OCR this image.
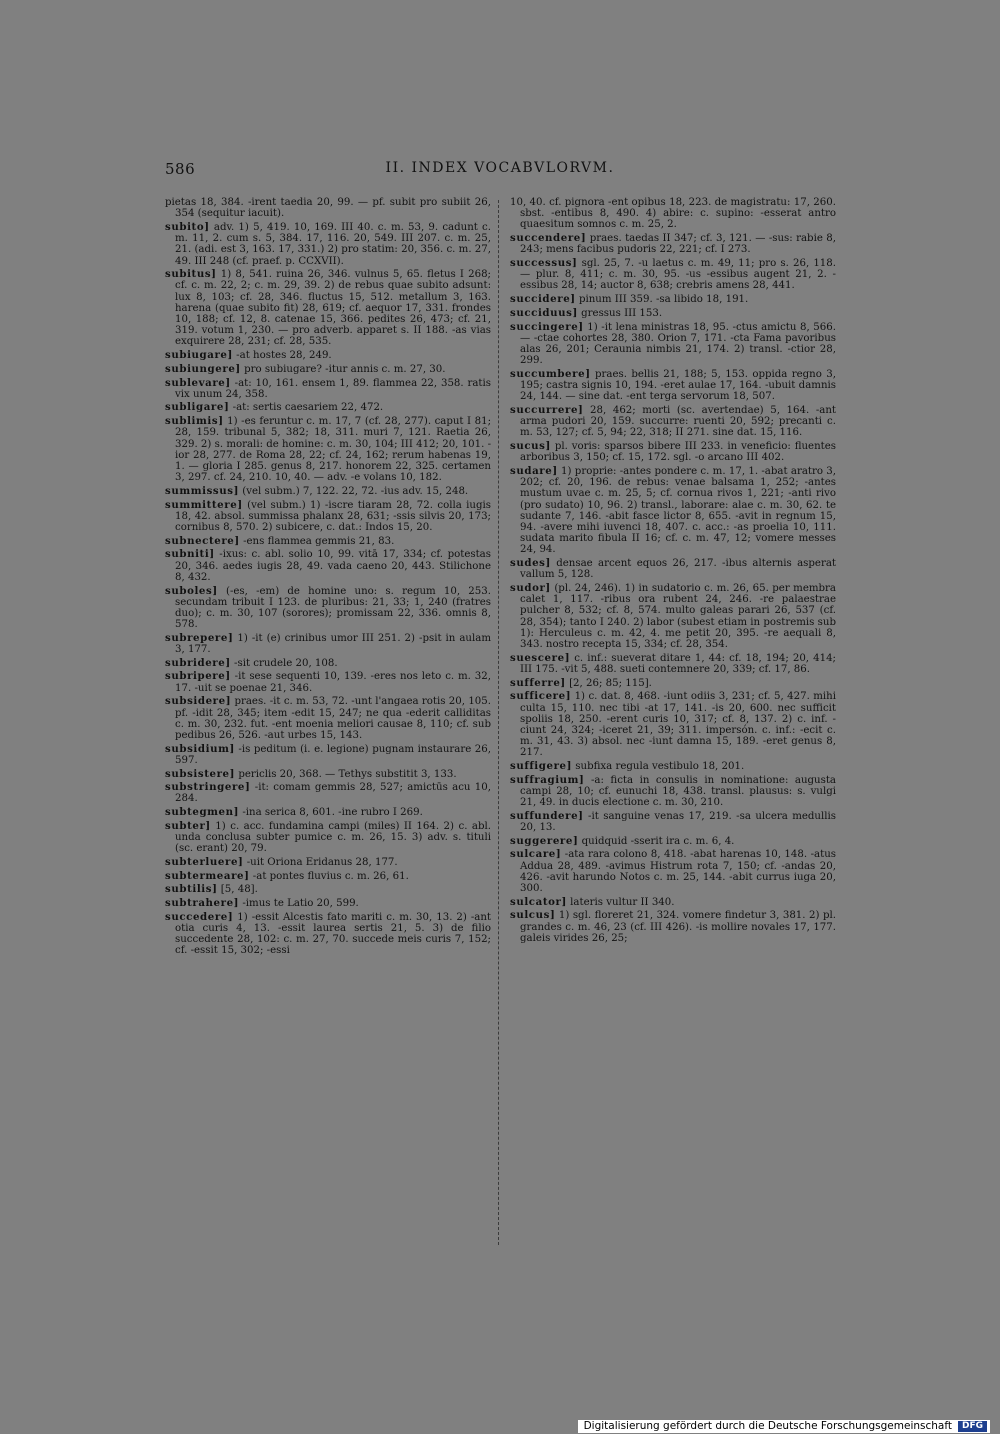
586	II. INDEX VOCABVLORVM.
pietas 18, 384. -irent taedia 20, 99. — pf. subit pro subiit 26, 354 (sequitur iacuit).
subito] adv. 1) 5, 419. 10, 169. III 40. c. m. 53, 9. cadunt c. m. 11, 2. cum s. 5, 384. 17, 116. 20, 549. III 207. c. m. 25, 21. (adi. est 3, 163. 17, 331.) 2) pro statim: 20, 356. c. m. 27, 49. III 248 (cf. praef. p. CCXVII).
subitus] 1) 8, 541. ruina 26, 346. vulnus 5, 65. fletus I 268; cf. c. m. 22, 2; c. m. 29, 39. 2) de rebus quae subito adsunt: lux 8, 103; cf. 28, 346. fluctus 15, 512. metallum 3, 163. harena (quae subito fit) 28, 619; cf. aequor 17, 331. frondes 10, 188; cf. 12, 8. catenae 15, 366. pedites 26, 473; cf. 21, 319. votum 1, 230. — pro adverb. apparet s. II 188. -as vias exquirere 28, 231; cf. 28, 535.
subiugare] -at hostes 28, 249.
subiungere] pro subiugare? -itur annis c. m. 27, 30.
sublevare] -at: 10, 161. ensem 1, 89. flammea 22, 358. ratis vix unum 24, 358.
subligare] -at: sertis caesariem 22, 472.
sublimis] 1) -es feruntur c. m. 17, 7 (cf. 28, 277). caput I 81; 28, 159. tribunal 5, 382; 18, 311. muri 7, 121. Raetia 26, 329. 2) s. morali: de homine: c. m. 30, 104; III 412; 20, 101. -ior 28, 277. de Roma 28, 22; cf. 24, 162; rerum habenas 19, 1. — gloria I 285. genus 8, 217. honorem 22, 325. certamen 3, 297. cf. 24, 210. 10, 40. — adv. -e volans 10, 182.
summissus] (vel subm.) 7, 122. 22, 72. -ius adv. 15, 248.
summittere] (vel subm.) 1) -iscre tiaram 28, 72. colla iugis 18, 42. absol. summissa phalanx 28, 631; -ssis silvis 20, 173; cornibus 8, 570. 2) subicere, c. dat.: Indos 15, 20.
subnectere] -ens flammea gemmis 21, 83.
subniti] -ixus: c. abl. solio 10, 99. vitā 17, 334; cf. potestas 20, 346. aedes iugis 28, 49. vada caeno 20, 443. Stilichone 8, 432.
suboles] (-es, -em) de homine uno: s. regum 10, 253. secundam tribuit I 123. de pluribus: 21, 33; 1, 240 (fratres duo); c. m. 30, 107 (sorores); promissam 22, 336. omnis 8, 578.
subrepere] 1) -it (e) crinibus umor III 251. 2) -psit in aulam 3, 177.
subridere] -sit crudele 20, 108.
subripere] -it sese sequenti 10, 139. -eres nos leto c. m. 32, 17. -uit se poenae 21, 346.
subsidere] praes. -it c. m. 53, 72. -unt l'angaea rotis 20, 105. pf. -idit 28, 345; item -edit 15, 247; ne qua -ederit calliditas c. m. 30, 232. fut. -ent moenia meliori causae 8, 110; cf. sub pedibus 26, 526. -aut urbes 15, 143.
subsidium] -is peditum (i. e. legione) pugnam instaurare 26, 597.
subsistere] periclis 20, 368. — Tethys substitit 3, 133.
substringere] -it: comam gemmis 28, 527; amictūs acu 10, 284.
subtegmen] -ina serica 8, 601. -ine rubro I 269.
subter] 1) c. acc. fundamina campi (miles) II 164. 2) c. abl. unda conclusa subter pumice c. m. 26, 15. 3) adv. s. tituli (sc. erant) 20, 79.
subterluere] -uit Oriona Eridanus 28, 177.
subtermeare] -at pontes fluvius c. m. 26, 61.
subtilis] [5, 48].
subtrahere] -imus te Latio 20, 599.
succedere] 1) -essit Alcestis fato mariti c. m. 30, 13. 2) -ant otia curis 4, 13. -essit laurea sertis 21, 5. 3) de filio succedente 28, 102: c. m. 27, 70. succede meis curis 7, 152; cf. -essit 15, 302; -essi
10, 40. cf. pignora -ent opibus 18, 223. de magistratu: 17, 260. sbst. -entibus 8, 490. 4) abire: c. supino: -esserat antro quaesitum somnos c. m. 25, 2.
succendere] praes. taedas II 347; cf. 3, 121. — -sus: rabie 8, 243; mens facibus pudoris 22, 221; cf. I 273.
successus] sgl. 25, 7. -u laetus c. m. 49, 11; pro s. 26, 118. — plur. 8, 411; c. m. 30, 95. -us -essibus augent 21, 2. -essibus 28, 14; auctor 8, 638; crebris amens 28, 441.
succidere] pinum III 359. -sa libido 18, 191.
succiduus] gressus III 153.
succingere] 1) -it lena ministras 18, 95. -ctus amictu 8, 566. — -ctae cohortes 28, 380. Orion 7, 171. -cta Fama pavoribus alas 26, 201; Ceraunia nimbis 21, 174. 2) transl. -ctior 28, 299.
succumbere] praes. bellis 21, 188; 5, 153. oppida regno 3, 195; castra signis 10, 194. -eret aulae 17, 164. -ubuit damnis 24, 144. — sine dat. -ent terga servorum 18, 507.
succurrere] 28, 462; morti (sc. avertendae) 5, 164. -ant arma pudori 20, 159. succurre: ruenti 20, 592; precanti c. m. 53, 127; cf. 5, 94; 22, 318; II 271. sine dat. 15, 116.
sucus] pl. voris: sparsos bibere III 233. in veneficio: fluentes arboribus 3, 150; cf. 15, 172. sgl. -o arcano III 402.
sudare] 1) proprie: -antes pondere c. m. 17, 1. -abat aratro 3, 202; cf. 20, 196. de rebus: venae balsama 1, 252; -antes mustum uvae c. m. 25, 5; cf. cornua rivos 1, 221; -anti rivo (pro sudato) 10, 96. 2) transl., laborare: alae c. m. 30, 62. te sudante 7, 146. -abit fasce lictor 8, 655. -avit in regnum 15, 94. -avere mihi iuvenci 18, 407. c. acc.: -as proelia 10, 111. sudata marito fibula II 16; cf. c. m. 47, 12; vomere messes 24, 94.
sudes] densae arcent equos 26, 217. -ibus alternis asperat vallum 5, 128.
sudor] (pl. 24, 246). 1) in sudatorio c. m. 26, 65. per membra calet 1, 117. -ribus ora rubent 24, 246. -re palaestrae pulcher 8, 532; cf. 8, 574. multo galeas parari 26, 537 (cf. 28, 354); tanto I 240. 2) labor (subest etiam in postremis sub 1): Herculeus c. m. 42, 4. me petit 20, 395. -re aequali 8, 343. nostro recepta 15, 334; cf. 28, 354.
suescere] c. inf.: sueverat ditare 1, 44: cf. 18, 194; 20, 414; III 175. -vit 5, 488. sueti contemnere 20, 339; cf. 17, 86.
sufferre] [2, 26; 85; 115].
sufficere] 1) c. dat. 8, 468. -iunt odiis 3, 231; cf. 5, 427. mihi culta 15, 110. nec tibi -at 17, 141. -is 20, 600. nec sufficit spoliis 18, 250. -erent curis 10, 317; cf. 8, 137. 2) c. inf. -ciunt 24, 324; -iceret 21, 39; 311. impersón. c. inf.: -ecit c. m. 31, 43. 3) absol. nec -iunt damna 15, 189. -eret genus 8, 217.
suffigere] subfixa regula vestibulo 18, 201.
suffragium] -a: ficta in consulis in nominatione: augusta campi 28, 10; cf. eunuchi 18, 438. transl. plausus: s. vulgi 21, 49. in ducis electione c. m. 30, 210.
suffundere] -it sanguine venas 17, 219. -sa ulcera medullis 20, 13.
suggerere] quidquid -sserit ira c. m. 6, 4.
sulcare] -ata rara colono 8, 418. -abat harenas 10, 148. -atus Addua 28, 489. -avimus Histrum rota 7, 150; cf. -andas 20, 426. -avit harundo Notos c. m. 25, 144. -abit currus iuga 20, 300.
sulcator] lateris vultur II 340.
sulcus] 1) sgl. floreret 21, 324. vomere findetur 3, 381. 2) pl. grandes c. m. 46, 23 (cf. III 426). -is mollire novales 17, 177. galeis virides 26, 25;
Digitalisierung gefördert durch die Deutsche Forschungsgemeinschaft	DFG
